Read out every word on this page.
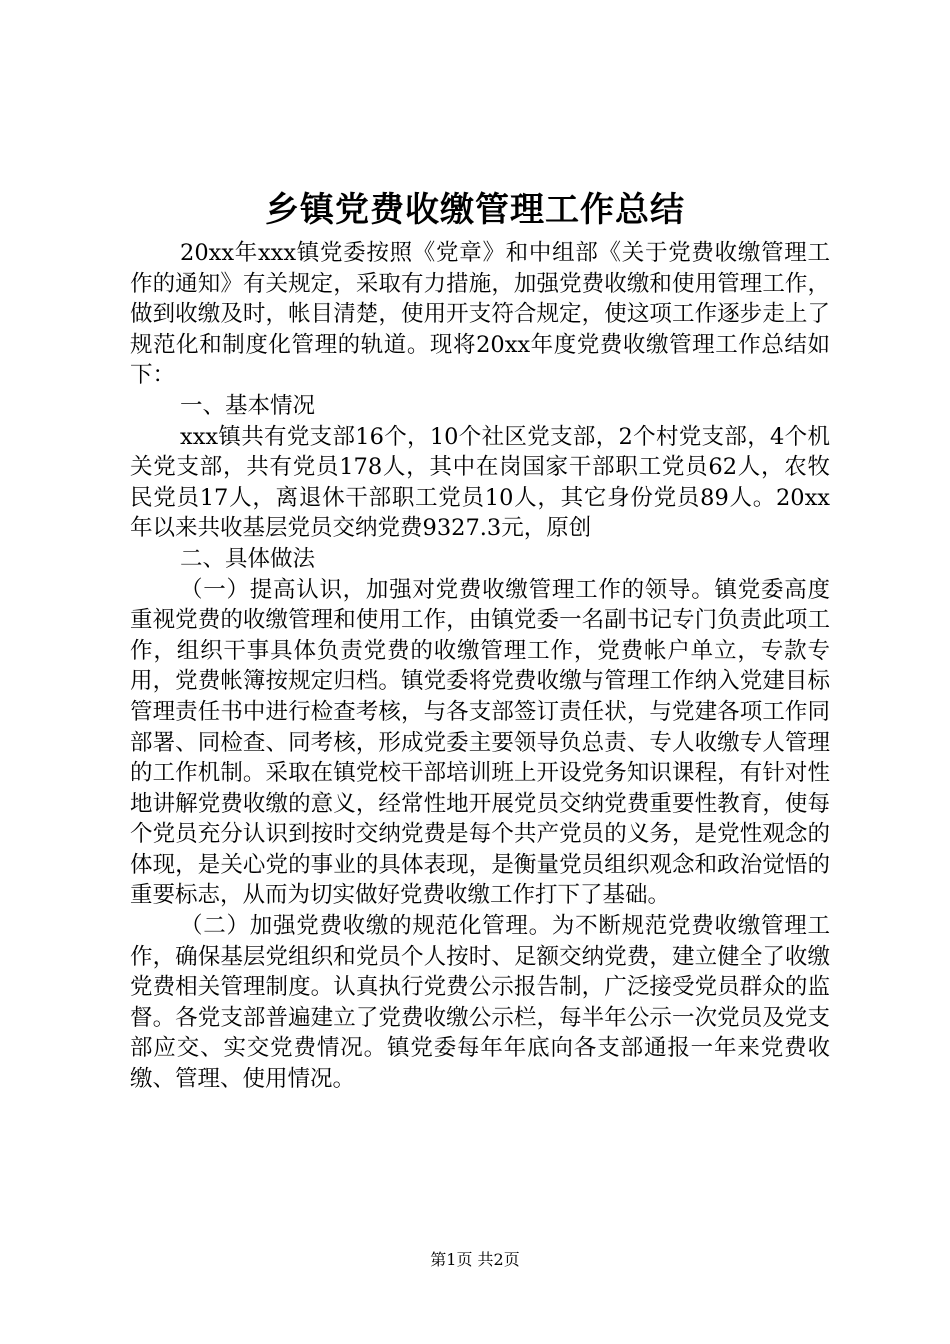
乡镇党费收缴管理工作总结

20xx年xxx镇党委按照《党章》和中组部《关于党费收缴管理工作的通知》有关规定，采取有力措施，加强党费收缴和使用管理工作，做到收缴及时，帐目清楚，使用开支符合规定，使这项工作逐步走上了规范化和制度化管理的轨道。现将20xx年度党费收缴管理工作总结如下：

一、基本情况

xxx镇共有党支部16个，10个社区党支部，2个村党支部，4个机关党支部，共有党员178人，其中在岗国家干部职工党员62人，农牧民党员17人，离退休干部职工党员10人，其它身份党员89人。20xx年以来共收基层党员交纳党费9327.3元，原创

二、具体做法

（一）提高认识，加强对党费收缴管理工作的领导。镇党委高度重视党费的收缴管理和使用工作，由镇党委一名副书记专门负责此项工作，组织干事具体负责党费的收缴管理工作，党费帐户单立，专款专用，党费帐簿按规定归档。镇党委将党费收缴与管理工作纳入党建目标管理责任书中进行检查考核，与各支部签订责任状，与党建各项工作同部署、同检查、同考核，形成党委主要领导负总责、专人收缴专人管理的工作机制。采取在镇党校干部培训班上开设党务知识课程，有针对性地讲解党费收缴的意义，经常性地开展党员交纳党费重要性教育，使每个党员充分认识到按时交纳党费是每个共产党员的义务，是党性观念的体现，是关心党的事业的具体表现，是衡量党员组织观念和政治觉悟的重要标志，从而为切实做好党费收缴工作打下了基础。

（二）加强党费收缴的规范化管理。为不断规范党费收缴管理工作，确保基层党组织和党员个人按时、足额交纳党费，建立健全了收缴党费相关管理制度。认真执行党费公示报告制，广泛接受党员群众的监督。各党支部普遍建立了党费收缴公示栏，每半年公示一次党员及党支部应交、实交党费情况。镇党委每年年底向各支部通报一年来党费收缴、管理、使用情况。

第1页 共2页
